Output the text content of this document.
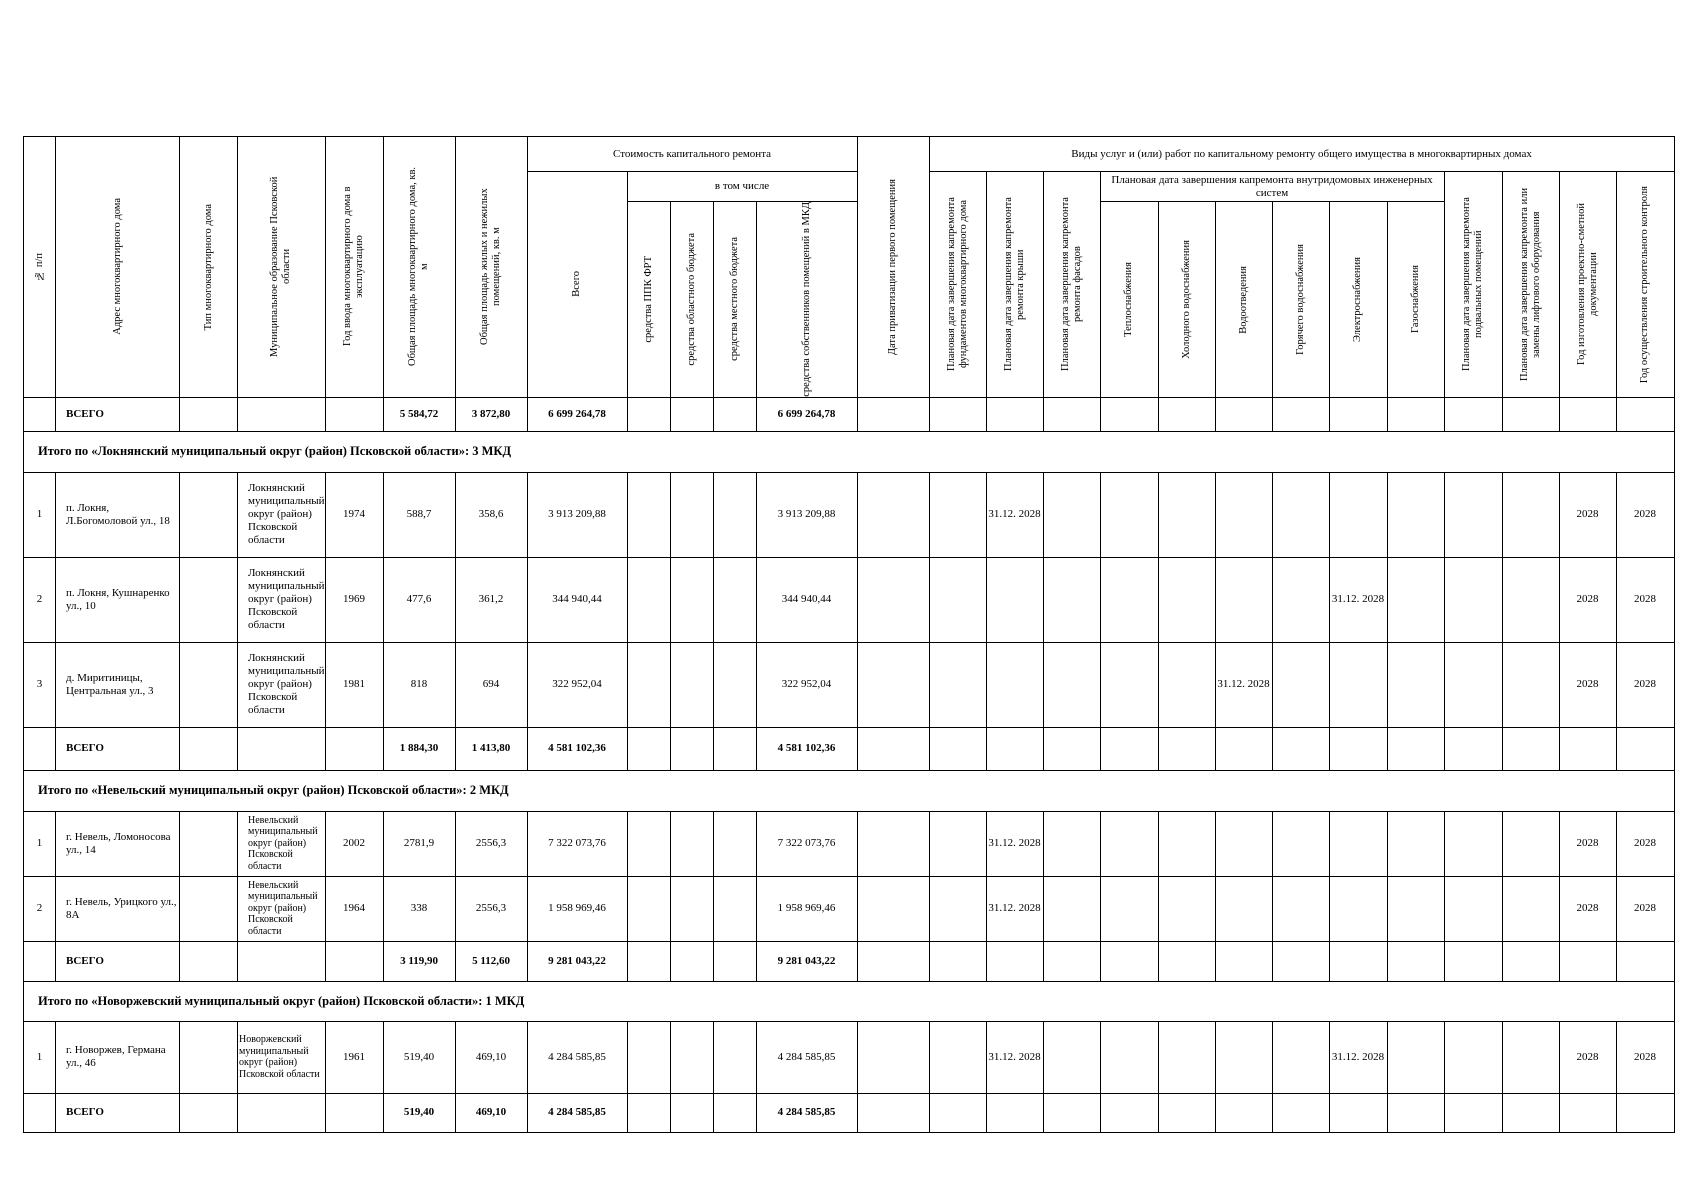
№ п/п	Адрес многоквартирного дома	Тип многоквартирного дома	Муниципальное образование Псковской области	Год ввода многоквартирного дома в эксплуатацию	Общая площадь многоквартирного дома, кв. м	Общая площадь жилых и нежилых помещений, кв. м	Стоимость капитального ремонта					Дата приватизации первого помещения	Виды услуг и (или) работ по капитальному ремонту общего имущества в многоквартирных домах												

							Всего	в том числе					Плановая дата завершения капремонта фундаментов многоквартирного дома	Плановая дата завершения капремонта ремонта крыши	Плановая дата завершения капремонта ремонта фасадов	Плановая дата завершения капремонта внутридомовых инженерных систем						Плановая дата завершения капремонта подвальных помещений	Плановая дата завершения капремонта или замены лифтового оборудования	Год изготовления проектно-сметной документации	Год осуществления строительного контроля

								средства ППК ФРТ	средства областного бюджета	средства местного бюджета	средства собственников помещений в МКД					Теплоснабжения	Холодного водоснабжения	Водоотведения	Горячего водоснабжения	Электроснабжения	Газоснабжения				

	ВСЕГО				5 584,72	3 872,80	6 699 264,78				6 699 264,78														
Итого по «Локнянский муниципальный округ (район) Псковской области»: 3 МКД																									
1	п. Локня, Л.Богомоловой ул., 18		Локнянский муниципальный округ (район) Псковской области	1974	588,7	358,6	3 913 209,88				3 913 209,88			31.12. 2028										2028	2028
2	п. Локня, Кушнаренко ул., 10		Локнянский муниципальный округ (район) Псковской области	1969	477,6	361,2	344 940,44				344 940,44									31.12. 2028				2028	2028
3	д. Миритиницы, Центральная ул., 3		Локнянский муниципальный округ (район) Псковской области	1981	818	694	322 952,04				322 952,04							31.12. 2028						2028	2028
	ВСЕГО				1 884,30	1 413,80	4 581 102,36				4 581 102,36														
Итого по «Невельский муниципальный округ (район) Псковской области»: 2 МКД																									
1	г. Невель, Ломоносова ул., 14		Невельский муниципальный округ (район) Псковской области	2002	2781,9	2556,3	7 322 073,76				7 322 073,76			31.12. 2028										2028	2028
2	г. Невель, Урицкого ул., 8А		Невельский муниципальный округ (район) Псковской области	1964	338	2556,3	1 958 969,46				1 958 969,46			31.12. 2028										2028	2028
	ВСЕГО				3 119,90	5 112,60	9 281 043,22				9 281 043,22														
Итого по «Новоржевский муниципальный округ (район) Псковской области»: 1 МКД																									
1	г. Новоржев, Германа ул., 46		Новоржевский муниципальный округ (район) Псковской области	1961	519,40	469,10	4 284 585,85				4 284 585,85			31.12. 2028						31.12. 2028				2028	2028
	ВСЕГО				519,40	469,10	4 284 585,85				4 284 585,85														
